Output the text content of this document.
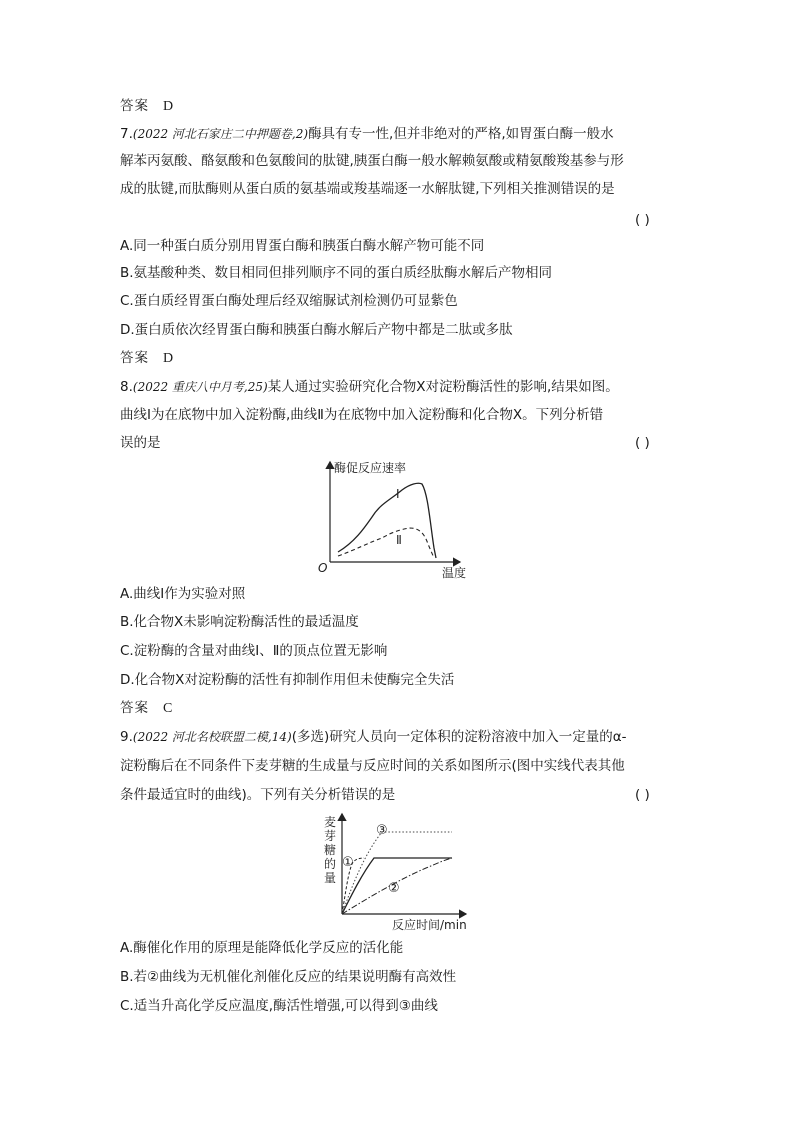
答案 D
7.(2022 河北石家庄二中押题卷,2)酶具有专一性,但并非绝对的严格,如胃蛋白酶一般水
解苯丙氨酸、酪氨酸和色氨酸间的肽键,胰蛋白酶一般水解赖氨酸或精氨酸羧基参与形
成的肽键,而肽酶则从蛋白质的氨基端或羧基端逐一水解肽键,下列相关推测错误的是
( )
A.同一种蛋白质分别用胃蛋白酶和胰蛋白酶水解产物可能不同
B.氨基酸种类、数目相同但排列顺序不同的蛋白质经肽酶水解后产物相同
C.蛋白质经胃蛋白酶处理后经双缩脲试剂检测仍可显紫色
D.蛋白质依次经胃蛋白酶和胰蛋白酶水解后产物中都是二肽或多肽
答案 D
8.(2022 重庆八中月考,25)某人通过实验研究化合物X对淀粉酶活性的影响,结果如图。
曲线Ⅰ为在底物中加入淀粉酶,曲线Ⅱ为在底物中加入淀粉酶和化合物X。下列分析错
误的是	( )
酶促反应速率
温度
O
Ⅰ
Ⅱ
A.曲线Ⅰ作为实验对照
B.化合物X未影响淀粉酶活性的最适温度
C.淀粉酶的含量对曲线Ⅰ、Ⅱ的顶点位置无影响
D.化合物X对淀粉酶的活性有抑制作用但未使酶完全失活
答案 C
9.(2022 河北名校联盟二模,14)(多选)研究人员向一定体积的淀粉溶液中加入一定量的α-
淀粉酶后在不同条件下麦芽糖的生成量与反应时间的关系如图所示(图中实线代表其他
条件最适宜时的曲线)。下列有关分析错误的是	( )
麦
芽
糖
的
量
反应时间/min
①
③
②
A.酶催化作用的原理是能降低化学反应的活化能
B.若②曲线为无机催化剂催化反应的结果说明酶有高效性
C.适当升高化学反应温度,酶活性增强,可以得到③曲线
